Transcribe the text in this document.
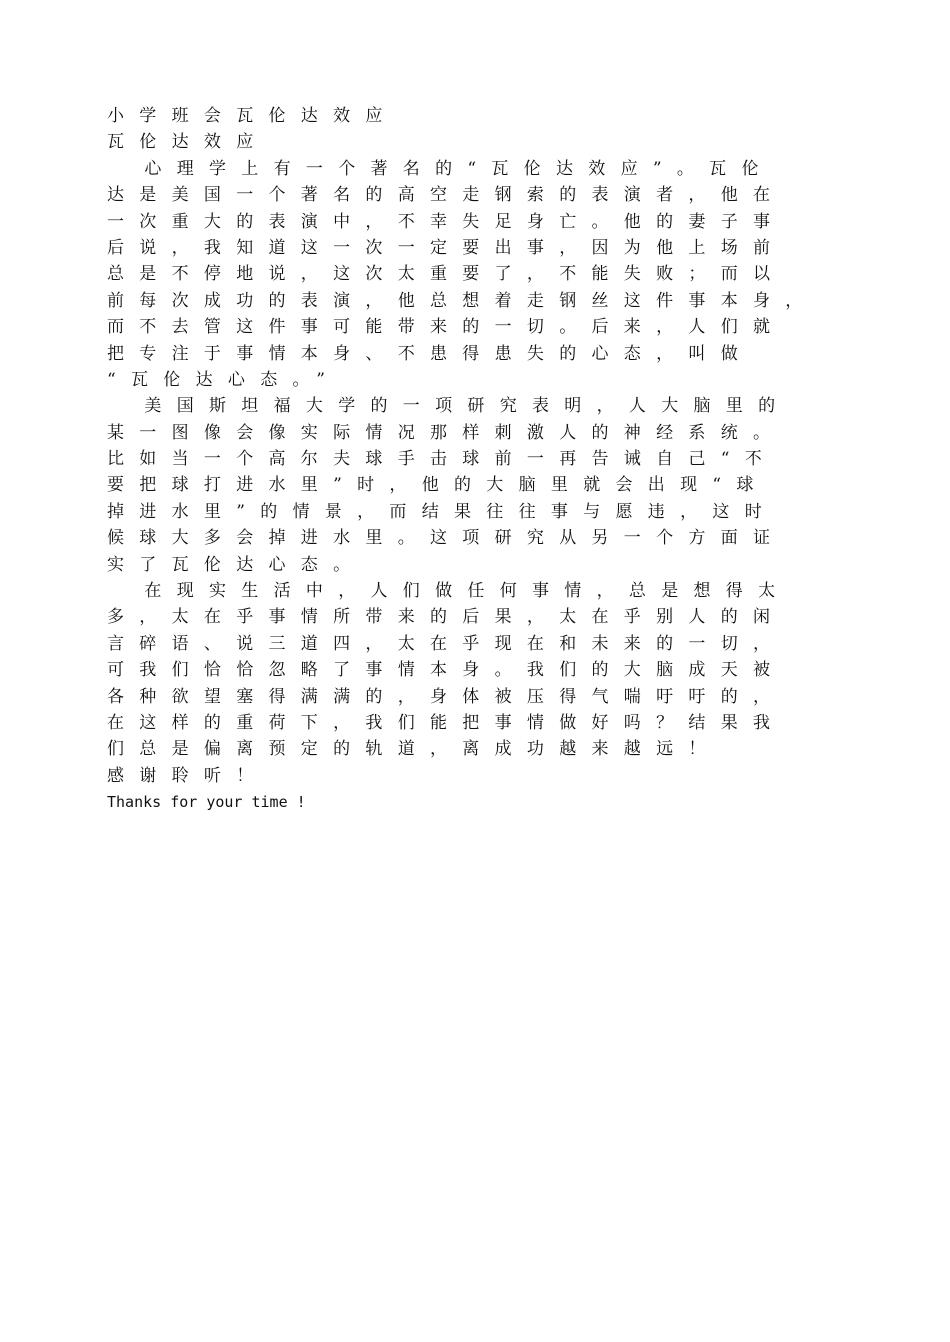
小学班会瓦伦达效应
瓦伦达效应
心理学上有一个著名的“瓦伦达效应”。瓦伦
达是美国一个著名的高空走钢索的表演者，他在
一次重大的表演中，不幸失足身亡。他的妻子事
后说，我知道这一次一定要出事，因为他上场前
总是不停地说，这次太重要了，不能失败；而以
前每次成功的表演，他总想着走钢丝这件事本身，
而不去管这件事可能带来的一切。后来，人们就
把专注于事情本身、不患得患失的心态，叫做
“瓦伦达心态。”
美国斯坦福大学的一项研究表明，人大脑里的
某一图像会像实际情况那样刺激人的神经系统。
比如当一个高尔夫球手击球前一再告诫自己“不
要把球打进水里”时，他的大脑里就会出现“球
掉进水里”的情景，而结果往往事与愿违，这时
候球大多会掉进水里。这项研究从另一个方面证
实了瓦伦达心态。
在现实生活中，人们做任何事情，总是想得太
多，太在乎事情所带来的后果，太在乎别人的闲
言碎语、说三道四，太在乎现在和未来的一切，
可我们恰恰忽略了事情本身。我们的大脑成天被
各种欲望塞得满满的，身体被压得气喘吁吁的，
在这样的重荷下，我们能把事情做好吗？结果我
们总是偏离预定的轨道，离成功越来越远！
感谢聆听！
Thanks for your time !
